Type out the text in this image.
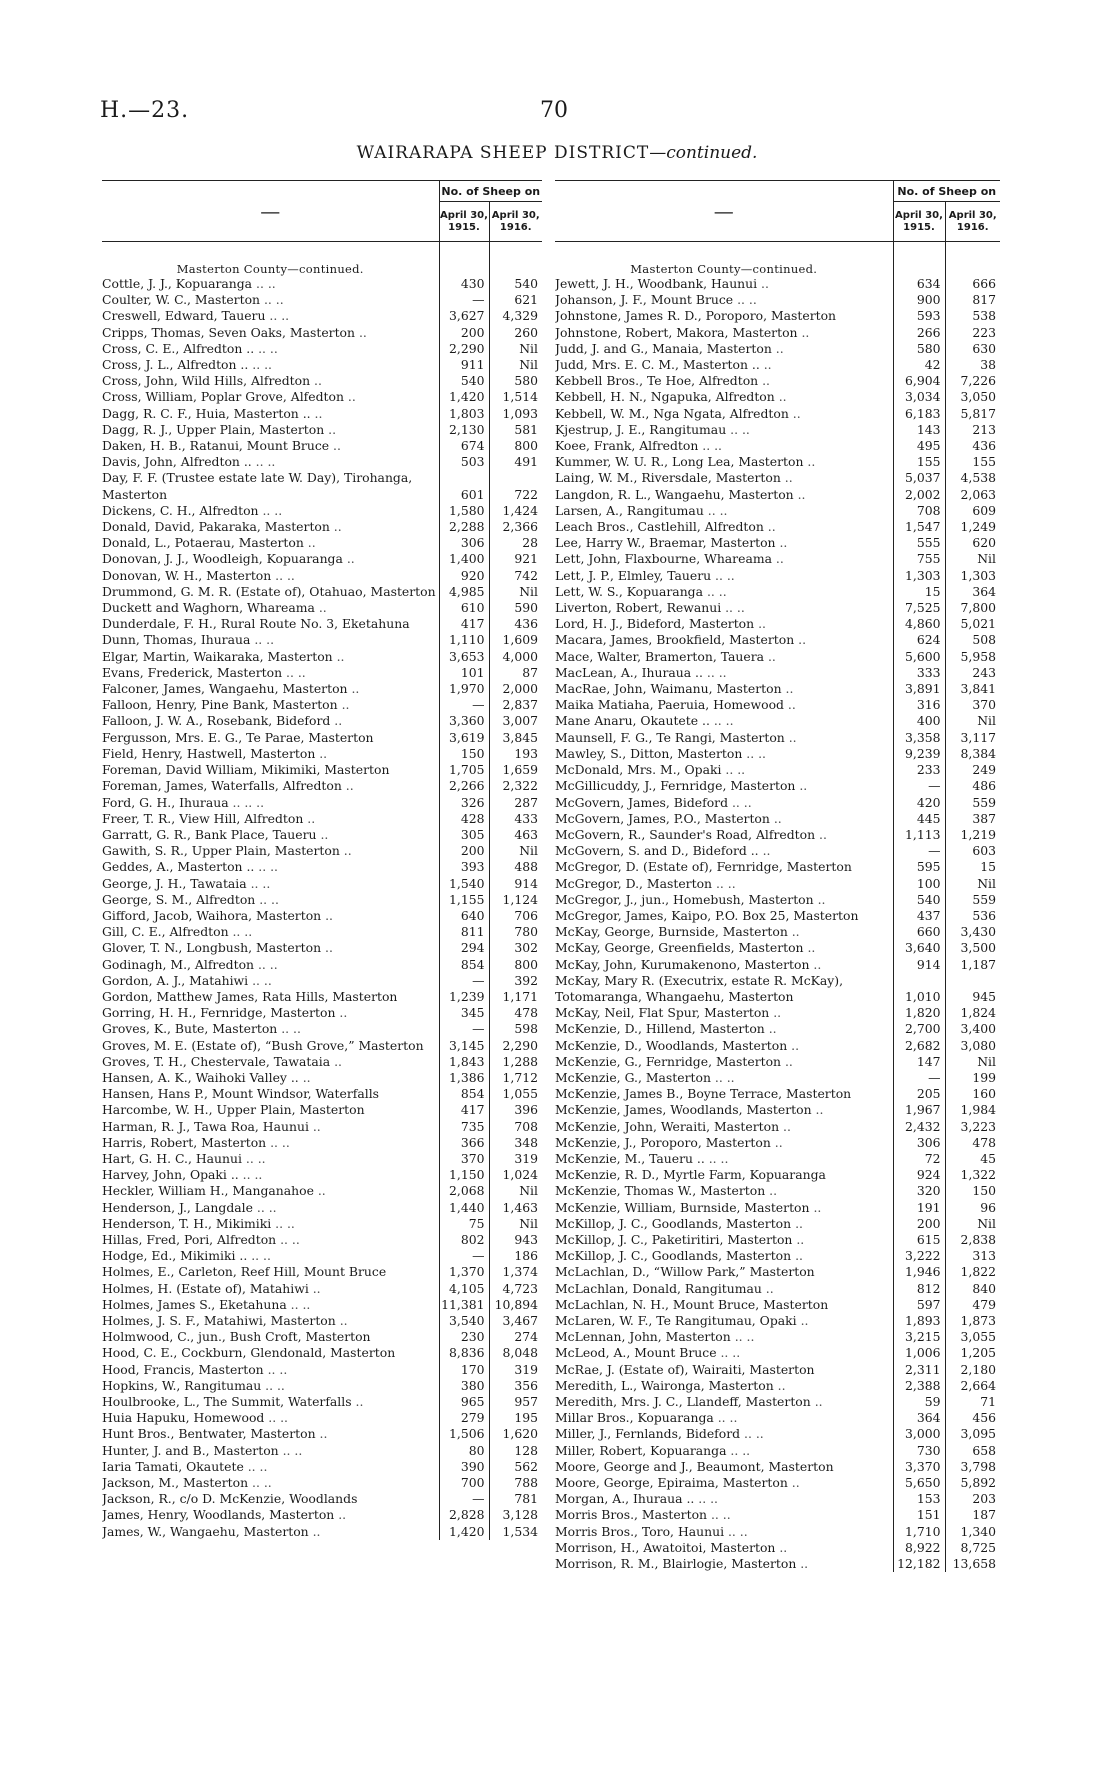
H.—23.	70
WAIRARAPA SHEEP DISTRICT—continued.
—	No. of Sheep on	
	April 30, 1915.	April 30, 1916.
Masterton County—continued.		
Cottle, J. J., Kopuaranga .. ..	430	540
Coulter, W. C., Masterton .. ..	—	621
Creswell, Edward, Taueru .. ..	3,627	4,329
Cripps, Thomas, Seven Oaks, Masterton ..	200	260
Cross, C. E., Alfredton .. .. ..	2,290	Nil
Cross, J. L., Alfredton .. .. ..	911	Nil
Cross, John, Wild Hills, Alfredton ..	540	580
Cross, William, Poplar Grove, Alfedton ..	1,420	1,514
Dagg, R. C. F., Huia, Masterton .. ..	1,803	1,093
Dagg, R. J., Upper Plain, Masterton ..	2,130	581
Daken, H. B., Ratanui, Mount Bruce ..	674	800
Davis, John, Alfredton .. .. ..	503	491
Day, F. F. (Trustee estate late W. Day), Tirohanga, Masterton	601	722
Dickens, C. H., Alfredton .. ..	1,580	1,424
Donald, David, Pakaraka, Masterton ..	2,288	2,366
Donald, L., Potaerau, Masterton ..	306	28
Donovan, J. J., Woodleigh, Kopuaranga ..	1,400	921
Donovan, W. H., Masterton .. ..	920	742
Drummond, G. M. R. (Estate of), Otahuao, Masterton	4,985	Nil
Duckett and Waghorn, Whareama ..	610	590
Dunderdale, F. H., Rural Route No. 3, Eketahuna	417	436
Dunn, Thomas, Ihuraua .. ..	1,110	1,609
Elgar, Martin, Waikaraka, Masterton ..	3,653	4,000
Evans, Frederick, Masterton .. ..	101	87
Falconer, James, Wangaehu, Masterton ..	1,970	2,000
Falloon, Henry, Pine Bank, Masterton ..	—	2,837
Falloon, J. W. A., Rosebank, Bideford ..	3,360	3,007
Fergusson, Mrs. E. G., Te Parae, Masterton	3,619	3,845
Field, Henry, Hastwell, Masterton ..	150	193
Foreman, David William, Mikimiki, Masterton	1,705	1,659
Foreman, James, Waterfalls, Alfredton ..	2,266	2,322
Ford, G. H., Ihuraua .. .. ..	326	287
Freer, T. R., View Hill, Alfredton ..	428	433
Garratt, G. R., Bank Place, Taueru ..	305	463
Gawith, S. R., Upper Plain, Masterton ..	200	Nil
Geddes, A., Masterton .. .. ..	393	488
George, J. H., Tawataia .. ..	1,540	914
George, S. M., Alfredton .. ..	1,155	1,124
Gifford, Jacob, Waihora, Masterton ..	640	706
Gill, C. E., Alfredton .. ..	811	780
Glover, T. N., Longbush, Masterton ..	294	302
Godinagh, M., Alfredton .. ..	854	800
Gordon, A. J., Matahiwi .. ..	—	392
Gordon, Matthew James, Rata Hills, Masterton	1,239	1,171
Gorring, H. H., Fernridge, Masterton ..	345	478
Groves, K., Bute, Masterton .. ..	—	598
Groves, M. E. (Estate of), “Bush Grove,” Masterton	3,145	2,290
Groves, T. H., Chestervale, Tawataia ..	1,843	1,288
Hansen, A. K., Waihoki Valley .. ..	1,386	1,712
Hansen, Hans P., Mount Windsor, Waterfalls	854	1,055
Harcombe, W. H., Upper Plain, Masterton	417	396
Harman, R. J., Tawa Roa, Haunui ..	735	708
Harris, Robert, Masterton .. ..	366	348
Hart, G. H. C., Haunui .. ..	370	319
Harvey, John, Opaki .. .. ..	1,150	1,024
Heckler, William H., Manganahoe ..	2,068	Nil
Henderson, J., Langdale .. ..	1,440	1,463
Henderson, T. H., Mikimiki .. ..	75	Nil
Hillas, Fred, Pori, Alfredton .. ..	802	943
Hodge, Ed., Mikimiki .. .. ..	—	186
Holmes, E., Carleton, Reef Hill, Mount Bruce	1,370	1,374
Holmes, H. (Estate of), Matahiwi ..	4,105	4,723
Holmes, James S., Eketahuna .. ..	11,381	10,894
Holmes, J. S. F., Matahiwi, Masterton ..	3,540	3,467
Holmwood, C., jun., Bush Croft, Masterton	230	274
Hood, C. E., Cockburn, Glendonald, Masterton	8,836	8,048
Hood, Francis, Masterton .. ..	170	319
Hopkins, W., Rangitumau .. ..	380	356
Houlbrooke, L., The Summit, Waterfalls ..	965	957
Huia Hapuku, Homewood .. ..	279	195
Hunt Bros., Bentwater, Masterton ..	1,506	1,620
Hunter, J. and B., Masterton .. ..	80	128
Iaria Tamati, Okautete .. ..	390	562
Jackson, M., Masterton .. ..	700	788
Jackson, R., c/o D. McKenzie, Woodlands	—	781
James, Henry, Woodlands, Masterton ..	2,828	3,128
James, W., Wangaehu, Masterton ..	1,420	1,534
—	No. of Sheep on	
	April 30, 1915.	April 30, 1916.
Masterton County—continued.		
Jewett, J. H., Woodbank, Haunui ..	634	666
Johanson, J. F., Mount Bruce .. ..	900	817
Johnstone, James R. D., Poroporo, Masterton	593	538
Johnstone, Robert, Makora, Masterton ..	266	223
Judd, J. and G., Manaia, Masterton ..	580	630
Judd, Mrs. E. C. M., Masterton .. ..	42	38
Kebbell Bros., Te Hoe, Alfredton ..	6,904	7,226
Kebbell, H. N., Ngapuka, Alfredton ..	3,034	3,050
Kebbell, W. M., Nga Ngata, Alfredton ..	6,183	5,817
Kjestrup, J. E., Rangitumau .. ..	143	213
Koee, Frank, Alfredton .. ..	495	436
Kummer, W. U. R., Long Lea, Masterton ..	155	155
Laing, W. M., Riversdale, Masterton ..	5,037	4,538
Langdon, R. L., Wangaehu, Masterton ..	2,002	2,063
Larsen, A., Rangitumau .. ..	708	609
Leach Bros., Castlehill, Alfredton ..	1,547	1,249
Lee, Harry W., Braemar, Masterton ..	555	620
Lett, John, Flaxbourne, Whareama ..	755	Nil
Lett, J. P., Elmley, Taueru .. ..	1,303	1,303
Lett, W. S., Kopuaranga .. ..	15	364
Liverton, Robert, Rewanui .. ..	7,525	7,800
Lord, H. J., Bideford, Masterton ..	4,860	5,021
Macara, James, Brookfield, Masterton ..	624	508
Mace, Walter, Bramerton, Tauera ..	5,600	5,958
MacLean, A., Ihuraua .. .. ..	333	243
MacRae, John, Waimanu, Masterton ..	3,891	3,841
Maika Matiaha, Paeruia, Homewood ..	316	370
Mane Anaru, Okautete .. .. ..	400	Nil
Maunsell, F. G., Te Rangi, Masterton ..	3,358	3,117
Mawley, S., Ditton, Masterton .. ..	9,239	8,384
McDonald, Mrs. M., Opaki .. ..	233	249
McGillicuddy, J., Fernridge, Masterton ..	—	486
McGovern, James, Bideford .. ..	420	559
McGovern, James, P.O., Masterton ..	445	387
McGovern, R., Saunder's Road, Alfredton ..	1,113	1,219
McGovern, S. and D., Bideford .. ..	—	603
McGregor, D. (Estate of), Fernridge, Masterton	595	15
McGregor, D., Masterton .. ..	100	Nil
McGregor, J., jun., Homebush, Masterton ..	540	559
McGregor, James, Kaipo, P.O. Box 25, Masterton	437	536
McKay, George, Burnside, Masterton ..	660	3,430
McKay, George, Greenfields, Masterton ..	3,640	3,500
McKay, John, Kurumakenono, Masterton ..	914	1,187
McKay, Mary R. (Executrix, estate R. McKay), Totomaranga, Whangaehu, Masterton	1,010	945
McKay, Neil, Flat Spur, Masterton ..	1,820	1,824
McKenzie, D., Hillend, Masterton ..	2,700	3,400
McKenzie, D., Woodlands, Masterton ..	2,682	3,080
McKenzie, G., Fernridge, Masterton ..	147	Nil
McKenzie, G., Masterton .. ..	—	199
McKenzie, James B., Boyne Terrace, Masterton	205	160
McKenzie, James, Woodlands, Masterton ..	1,967	1,984
McKenzie, John, Weraiti, Masterton ..	2,432	3,223
McKenzie, J., Poroporo, Masterton ..	306	478
McKenzie, M., Taueru .. .. ..	72	45
McKenzie, R. D., Myrtle Farm, Kopuaranga	924	1,322
McKenzie, Thomas W., Masterton ..	320	150
McKenzie, William, Burnside, Masterton ..	191	96
McKillop, J. C., Goodlands, Masterton ..	200	Nil
McKillop, J. C., Paketiritiri, Masterton ..	615	2,838
McKillop, J. C., Goodlands, Masterton ..	3,222	313
McLachlan, D., “Willow Park,” Masterton	1,946	1,822
McLachlan, Donald, Rangitumau ..	812	840
McLachlan, N. H., Mount Bruce, Masterton	597	479
McLaren, W. F., Te Rangitumau, Opaki ..	1,893	1,873
McLennan, John, Masterton .. ..	3,215	3,055
McLeod, A., Mount Bruce .. ..	1,006	1,205
McRae, J. (Estate of), Wairaiti, Masterton	2,311	2,180
Meredith, L., Waironga, Masterton ..	2,388	2,664
Meredith, Mrs. J. C., Llandeff, Masterton ..	59	71
Millar Bros., Kopuaranga .. ..	364	456
Miller, J., Fernlands, Bideford .. ..	3,000	3,095
Miller, Robert, Kopuaranga .. ..	730	658
Moore, George and J., Beaumont, Masterton	3,370	3,798
Moore, George, Epiraima, Masterton ..	5,650	5,892
Morgan, A., Ihuraua .. .. ..	153	203
Morris Bros., Masterton .. ..	151	187
Morris Bros., Toro, Haunui .. ..	1,710	1,340
Morrison, H., Awatoitoi, Masterton ..	8,922	8,725
Morrison, R. M., Blairlogie, Masterton ..	12,182	13,658
